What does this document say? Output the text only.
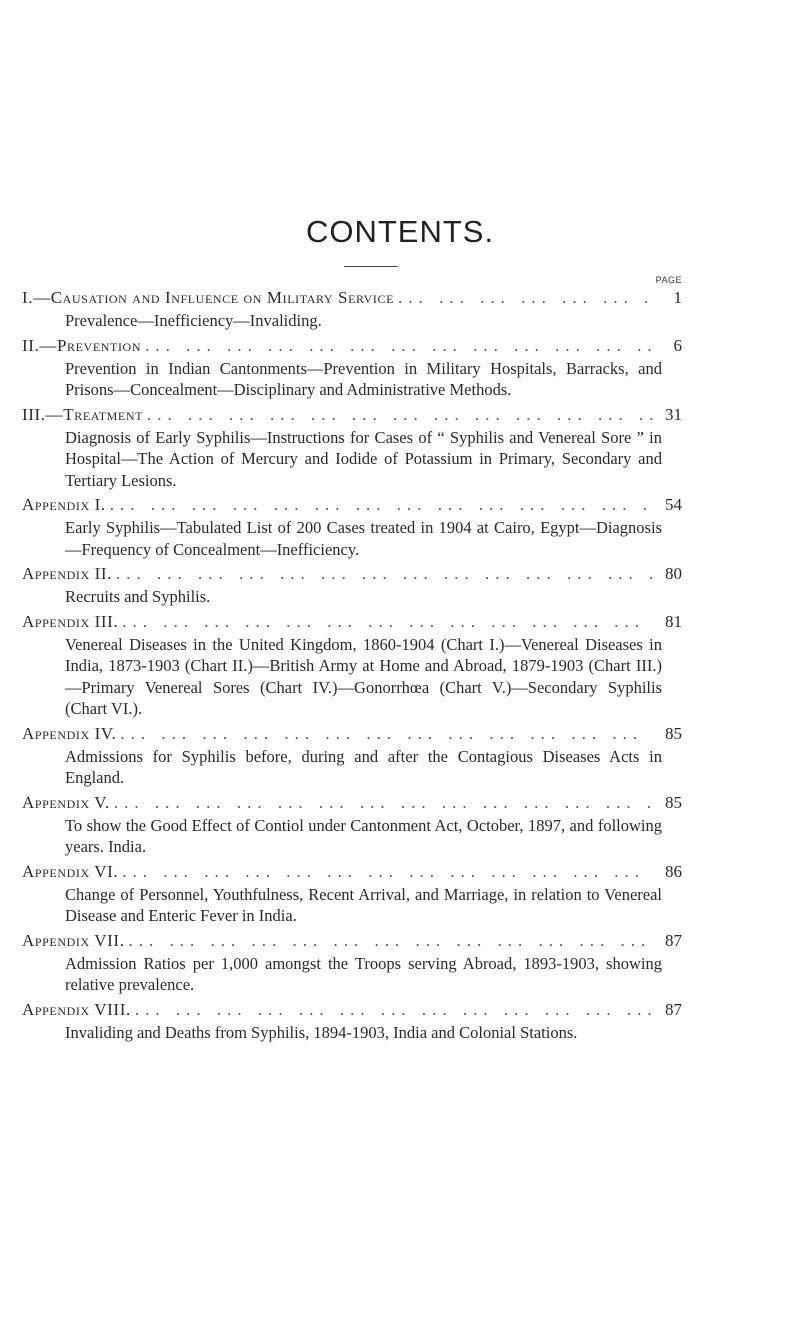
CONTENTS.
PAGE
I.—Causation and Influence on Military Service ... .	1

Prevalence—Inefficiency—Invaliding.

II.—Prevention ... .	6

Prevention in Indian Cantonments—Prevention in Military Hospitals, Barracks, and Prisons—Concealment—Disciplinary and Administrative Methods.

III.—Treatment ... .	31

Diagnosis of Early Syphilis—Instructions for Cases of “ Syphilis and Venereal Sore ” in Hospital—The Action of Mercury and Iodide of Potassium in Primary, Secondary and Tertiary Lesions.

Appendix I. ... .	54

Early Syphilis—Tabulated List of 200 Cases treated in 1904 at Cairo, Egypt—Diagnosis—Frequency of Concealment—Inefficiency.

Appendix II. ... .	80

Recruits and Syphilis.

Appendix III. ... .	81

Venereal Diseases in the United Kingdom, 1860-1904 (Chart I.)—Venereal Diseases in India, 1873-1903 (Chart II.)—British Army at Home and Abroad, 1879-1903 (Chart III.)—Primary Venereal Sores (Chart IV.)—Gonorrhœa (Chart V.)—Secondary Syphilis (Chart VI.).

Appendix IV. ... .	85

Admissions for Syphilis before, during and after the Contagious Diseases Acts in England.

Appendix V. ... .	85

To show the Good Effect of Contiol under Cantonment Act, October, 1897, and following years. India.

Appendix VI. ... .	86

Change of Personnel, Youthfulness, Recent Arrival, and Marriage, in relation to Venereal Disease and Enteric Fever in India.

Appendix VII. ... .	87

Admission Ratios per 1,000 amongst the Troops serving Abroad, 1893-1903, showing relative prevalence.

Appendix VIII. ... .	87

Invaliding and Deaths from Syphilis, 1894-1903, India and Colonial Stations.
